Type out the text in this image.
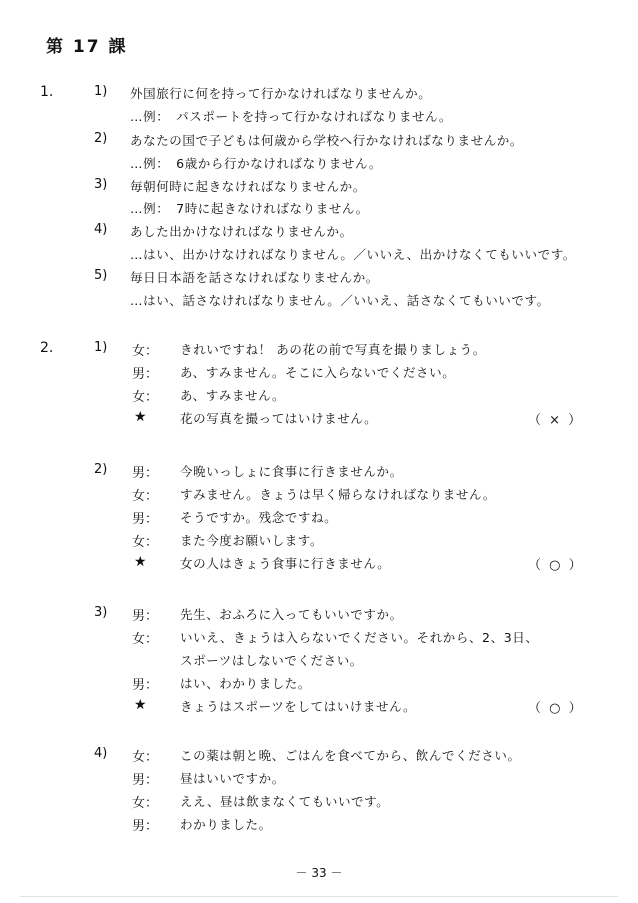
第 17 課
1.	1) 外国旅行に何を持って行かなければなりませんか。
…例：　パスポートを持って行かなければなりません。
2) あなたの国で子どもは何歳から学校へ行かなければなりませんか。
…例：　6歳から行かなければなりません。
3) 毎朝何時に起きなければなりませんか。
…例：　7時に起きなければなりません。
4) あした出かけなければなりませんか。
…はい、出かけなければなりません。／いいえ、出かけなくてもいいです。
5) 毎日日本語を話さなければなりませんか。
…はい、話さなければなりません。／いいえ、話さなくてもいいです。
2.	1) 女： きれいですね！ あの花の前で写真を撮りましょう。
男： あ、すみません。そこに入らないでください。
女： あ、すみません。
★	花の写真を撮ってはいけません。	（ × ）
2) 男： 今晩いっしょに食事に行きませんか。
女： すみません。きょうは早く帰らなければなりません。
男： そうですか。残念ですね。
女： また今度お願いします。
★	女の人はきょう食事に行きません。	（ ○ ）
3) 男： 先生、おふろに入ってもいいですか。
女： いいえ、きょうは入らないでください。それから、2、3日、
スポーツはしないでください。
男： はい、わかりました。
★	きょうはスポーツをしてはいけません。	（ ○ ）
4) 女： この薬は朝と晩、ごはんを食べてから、飲んでください。
男： 昼はいいですか。
女： ええ、昼は飲まなくてもいいです。
男： わかりました。
－ 33 －
